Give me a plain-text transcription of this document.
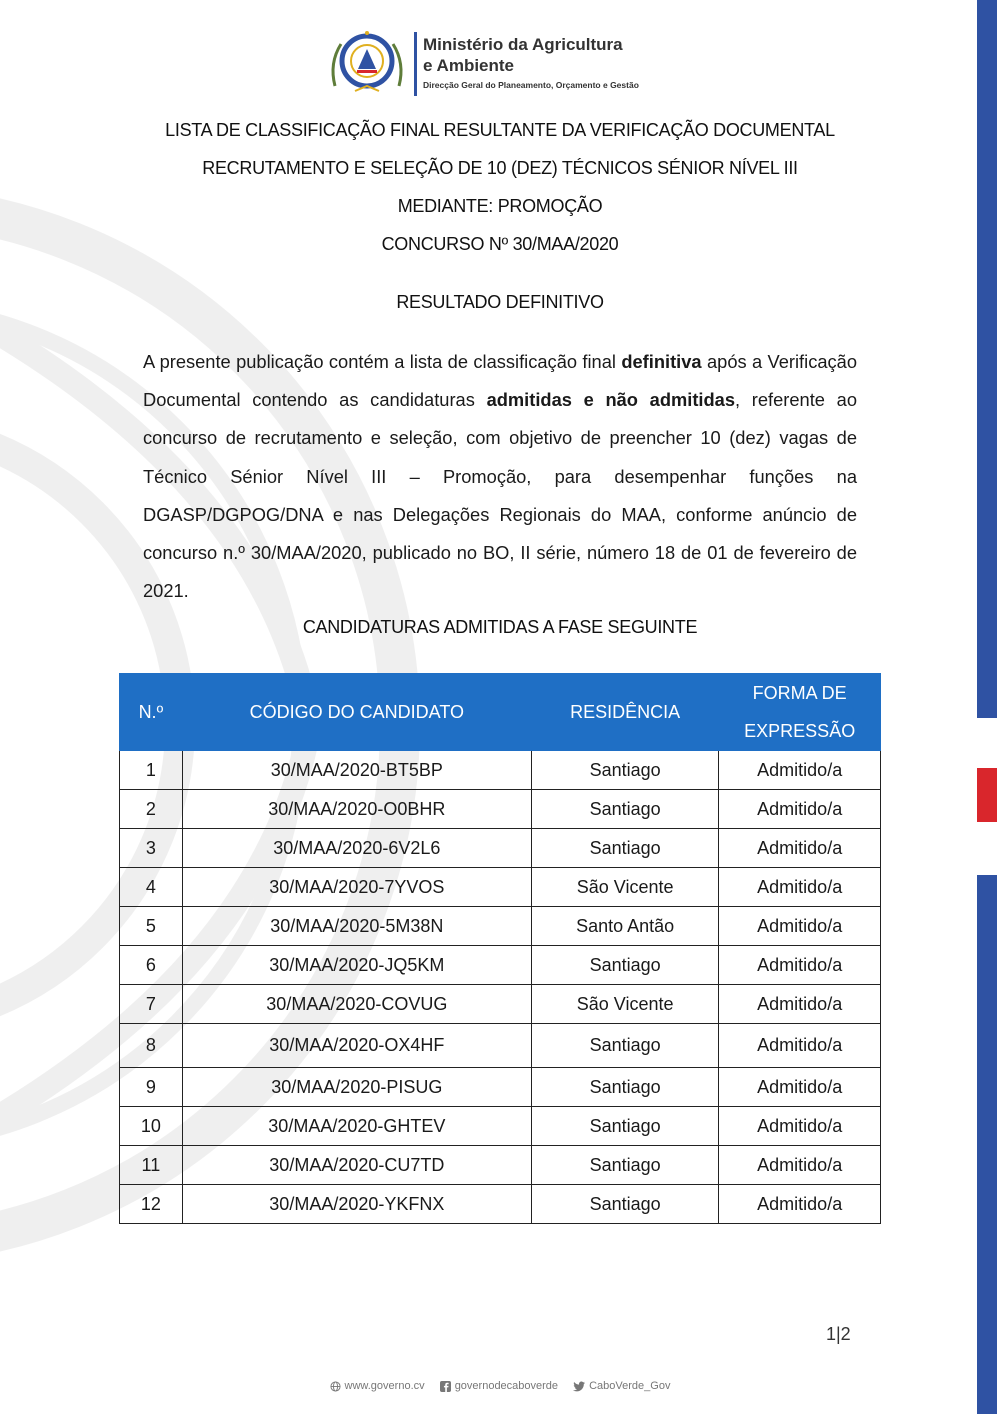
Ministério da Agricultura
e Ambiente
Direcção Geral do Planeamento, Orçamento e Gestão
LISTA DE CLASSIFICAÇÃO FINAL RESULTANTE DA VERIFICAÇÃO DOCUMENTAL
RECRUTAMENTO E SELEÇÃO DE 10 (DEZ) TÉCNICOS SÉNIOR NÍVEL III
MEDIANTE: PROMOÇÃO
CONCURSO Nº 30/MAA/2020
RESULTADO DEFINITIVO
A presente publicação contém a lista de classificação final definitiva após a Verificação Documental contendo as candidaturas admitidas e não admitidas, referente ao concurso de recrutamento e seleção, com objetivo de preencher 10 (dez) vagas de Técnico Sénior Nível III – Promoção, para desempenhar funções na DGASP/DGPOG/DNA e nas Delegações Regionais do MAA, conforme anúncio de concurso n.º 30/MAA/2020, publicado no BO, II série, número 18 de 01 de fevereiro de 2021.
CANDIDATURAS ADMITIDAS A FASE SEGUINTE
N.º	CÓDIGO DO CANDIDATO	RESIDÊNCIA	FORMA DE EXPRESSÃO
1	30/MAA/2020-BT5BP	Santiago	Admitido/a
2	30/MAA/2020-O0BHR	Santiago	Admitido/a
3	30/MAA/2020-6V2L6	Santiago	Admitido/a
4	30/MAA/2020-7YVOS	São Vicente	Admitido/a
5	30/MAA/2020-5M38N	Santo Antão	Admitido/a
6	30/MAA/2020-JQ5KM	Santiago	Admitido/a
7	30/MAA/2020-COVUG	São Vicente	Admitido/a
8	30/MAA/2020-OX4HF	Santiago	Admitido/a
9	30/MAA/2020-PISUG	Santiago	Admitido/a
10	30/MAA/2020-GHTEV	Santiago	Admitido/a
11	30/MAA/2020-CU7TD	Santiago	Admitido/a
12	30/MAA/2020-YKFNX	Santiago	Admitido/a
1|2
www.governo.cv
	governodecaboverde
	CaboVerde_Gov
